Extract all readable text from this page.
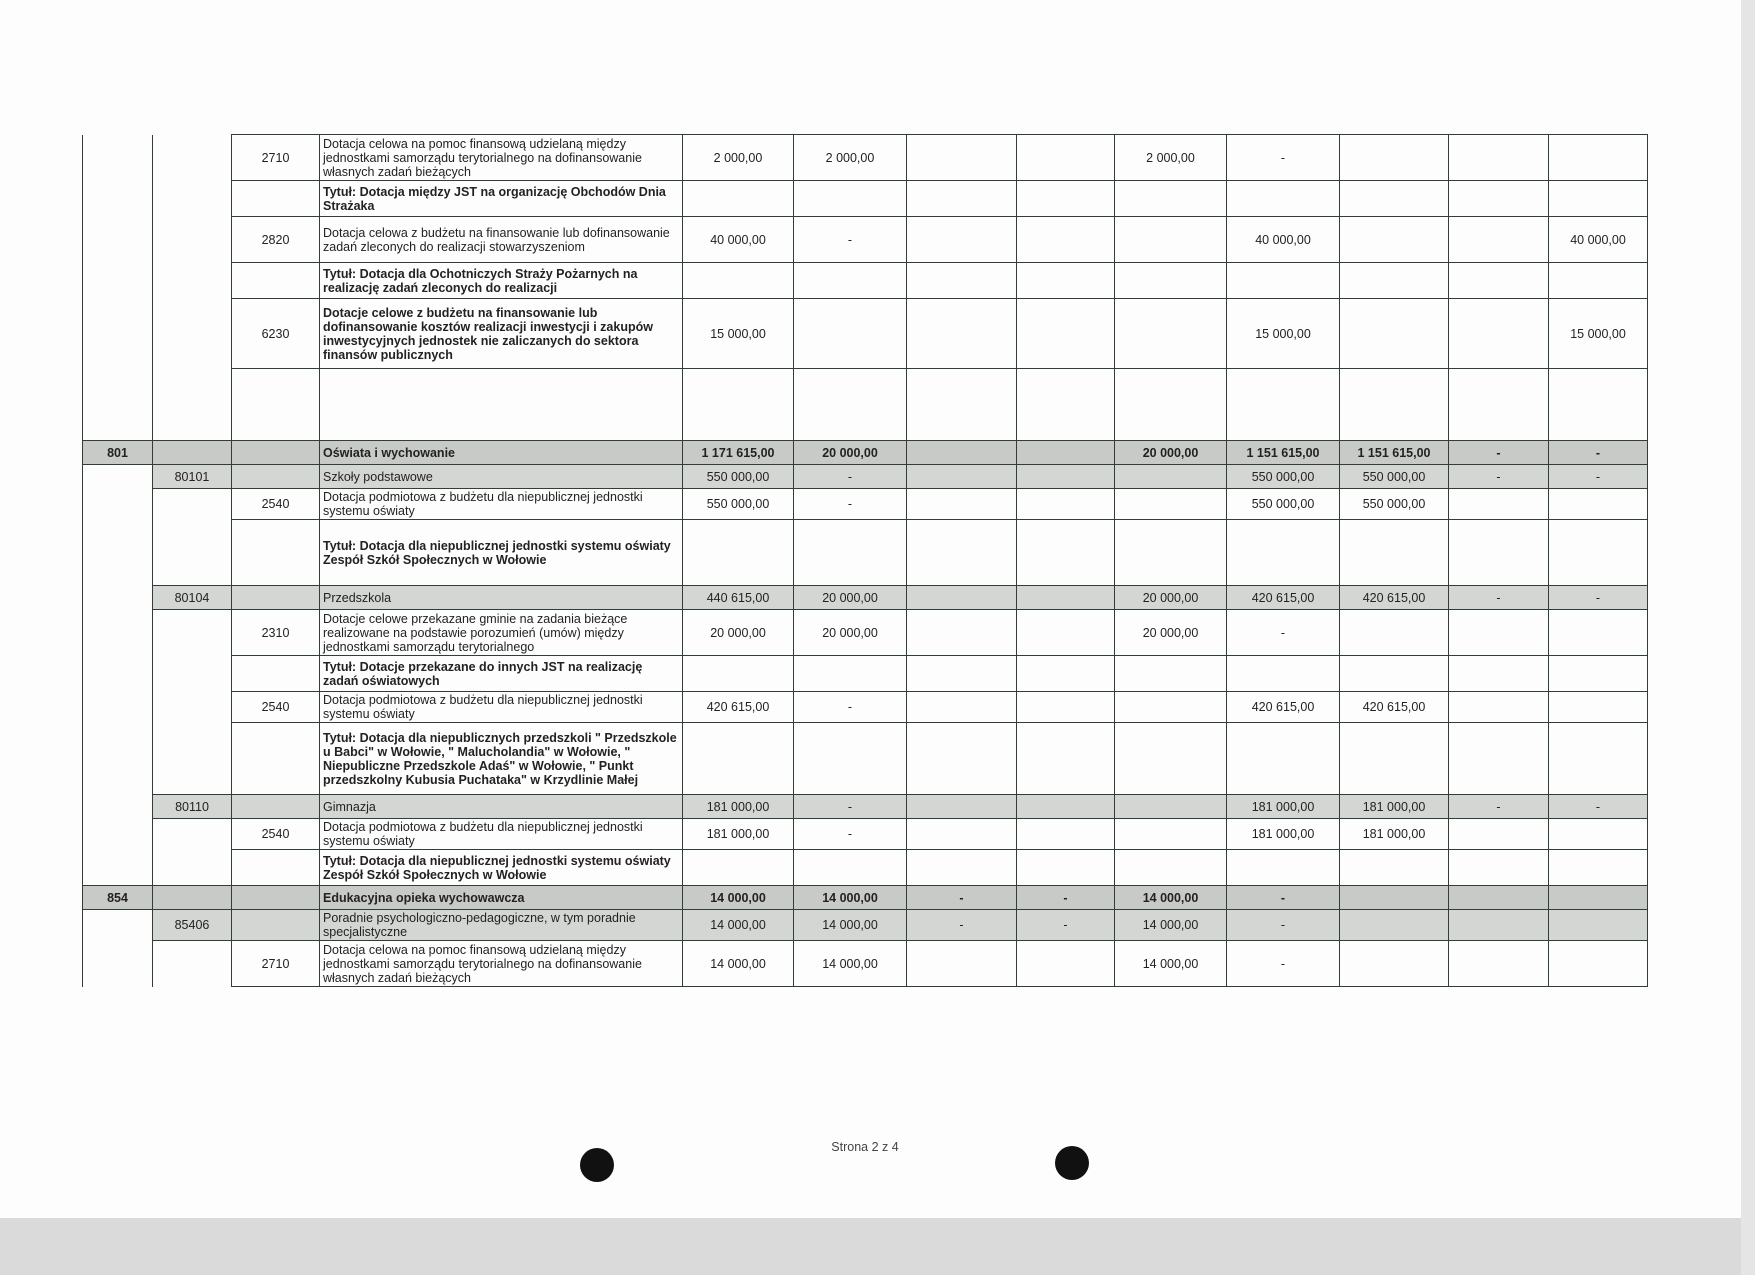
		2710	Dotacja celowa na pomoc finansową udzielaną między jednostkami samorządu terytorialnego na dofinansowanie własnych zadań bieżących	2 000,00	2 000,00			2 000,00	-			
			Tytuł: Dotacja między JST na organizację Obchodów Dnia Strażaka									
		2820	Dotacja celowa z budżetu na finansowanie lub dofinansowanie zadań zleconych do realizacji stowarzyszeniom	40 000,00	-				40 000,00			40 000,00
			Tytuł: Dotacja dla Ochotniczych Straży Pożarnych na realizację zadań zleconych do realizacji									
		6230	Dotacje celowe z budżetu na finansowanie lub dofinansowanie kosztów realizacji inwestycji i zakupów inwestycyjnych jednostek nie zaliczanych do sektora finansów publicznych	15 000,00					15 000,00			15 000,00

801			Oświata i wychowanie	1 171 615,00	20 000,00			20 000,00	1 151 615,00	1 151 615,00	-	-
	80101		Szkoły podstawowe	550 000,00	-				550 000,00	550 000,00	-	-
		2540	Dotacja podmiotowa z budżetu dla niepublicznej jednostki systemu oświaty	550 000,00	-				550 000,00	550 000,00		
			Tytuł: Dotacja dla niepublicznej jednostki systemu oświaty Zespół Szkół Społecznych w Wołowie									
	80104		Przedszkola	440 615,00	20 000,00			20 000,00	420 615,00	420 615,00	-	-
		2310	Dotacje celowe przekazane gminie na zadania bieżące realizowane na podstawie porozumień (umów) między jednostkami samorządu terytorialnego	20 000,00	20 000,00			20 000,00	-			
			Tytuł: Dotacje przekazane do innych JST na realizację zadań oświatowych									
		2540	Dotacja podmiotowa z budżetu dla niepublicznej jednostki systemu oświaty	420 615,00	-				420 615,00	420 615,00		
			Tytuł: Dotacja dla niepublicznych przedszkoli " Przedszkole u Babci" w Wołowie, " Malucholandia" w Wołowie, " Niepubliczne Przedszkole Adaś" w Wołowie, " Punkt przedszkolny Kubusia Puchataka" w Krzydlinie Małej									
	80110		Gimnazja	181 000,00	-				181 000,00	181 000,00	-	-
		2540	Dotacja podmiotowa z budżetu dla niepublicznej jednostki systemu oświaty	181 000,00	-				181 000,00	181 000,00		
			Tytuł: Dotacja dla niepublicznej jednostki systemu oświaty Zespół Szkół Społecznych w Wołowie									
854			Edukacyjna opieka wychowawcza	14 000,00	14 000,00	-	-	14 000,00	-			
	85406		Poradnie psychologiczno-pedagogiczne, w tym poradnie specjalistyczne	14 000,00	14 000,00	-	-	14 000,00	-			
		2710	Dotacja celowa na pomoc finansową udzielaną między jednostkami samorządu terytorialnego na dofinansowanie własnych zadań bieżących	14 000,00	14 000,00			14 000,00	-			
Strona 2 z 4
